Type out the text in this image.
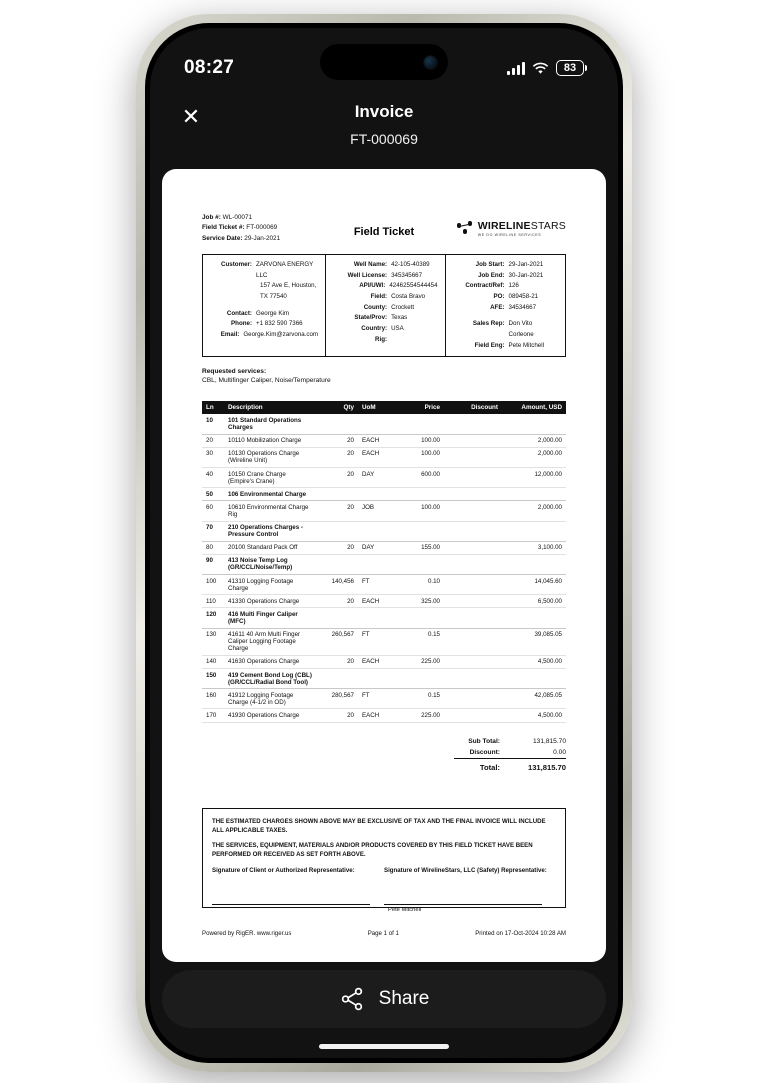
08:27	83
✕	Invoice
FT-000069
Job #: WL-00071
Field Ticket #: FT-000069
Service Date: 29-Jan-2021
Field Ticket	WIRELINESTARS
WE DO WIRELINE SERVICES
Customer: ZARVONA ENERGY LLC
157 Ave E, Houston, TX 77540
Contact: George Kim
Phone: +1 832 590 7366
Email: George.Kim@zarvona.com
Well Name: 42-105-40389
Well License: 345345667
API/UWI: 42462554544454
Field: Costa Bravo
County: Crockett
State/Prov: Texas
Country: USA
Rig:
Job Start: 29-Jan-2021
Job End: 30-Jan-2021
Contract/Ref: 126
PO: 089458-21
AFE: 34534667
Sales Rep: Don Vito Corleone
Field Eng: Pete Mitchell
Requested services:
CBL, Multifinger Caliper, Noise/Temperature
Ln	Description	Qty	UoM	Price	Discount	Amount, USD
10	101 Standard Operations Charges					
20	10110 Mobilization Charge	20	EACH	100.00		2,000.00
30	10130 Operations Charge (Wireline Unit)	20	EACH	100.00		2,000.00
40	10150 Crane Charge (Empire's Crane)	20	DAY	600.00		12,000.00
50	106 Environmental Charge					
60	10610 Environmental Charge Rig	20	JOB	100.00		2,000.00
70	210 Operations Charges - Pressure Control					
80	20100 Standard Pack Off	20	DAY	155.00		3,100.00
90	413 Noise Temp Log (GR/CCL/Noise/Temp)					
100	41310 Logging Footage Charge	140,456	FT	0.10		14,045.60
110	41330 Operations Charge	20	EACH	325.00		6,500.00
120	416 Multi Finger Caliper (MFC)					
130	41611 40 Arm Multi Finger Caliper Logging Footage Charge	260,567	FT	0.15		39,085.05
140	41630 Operations Charge	20	EACH	225.00		4,500.00
150	419 Cement Bond Log (CBL) (GR/CCL/Radial Bond Tool)					
160	41912 Logging Footage Charge (4-1/2 in OD)	280,567	FT	0.15		42,085.05
170	41930 Operations Charge	20	EACH	225.00		4,500.00
Sub Total:	131,815.70
Discount:	0.00
Total:	131,815.70

THE ESTIMATED CHARGES SHOWN ABOVE MAY BE EXCLUSIVE OF TAX AND THE FINAL INVOICE WILL INCLUDE ALL APPLICABLE TAXES.

THE SERVICES, EQUIPMENT, MATERIALS AND/OR PRODUCTS COVERED BY THIS FIELD TICKET HAVE BEEN PERFORMED OR RECEIVED AS SET FORTH ABOVE.

Signature of Client or Authorized Representative:	Signature of WirelineStars, LLC (Safety) Representative:
Pete Mitchell
Powered by RigER. www.riger.us	Page 1 of 1	Printed on 17-Oct-2024 10:28 AM
Share
